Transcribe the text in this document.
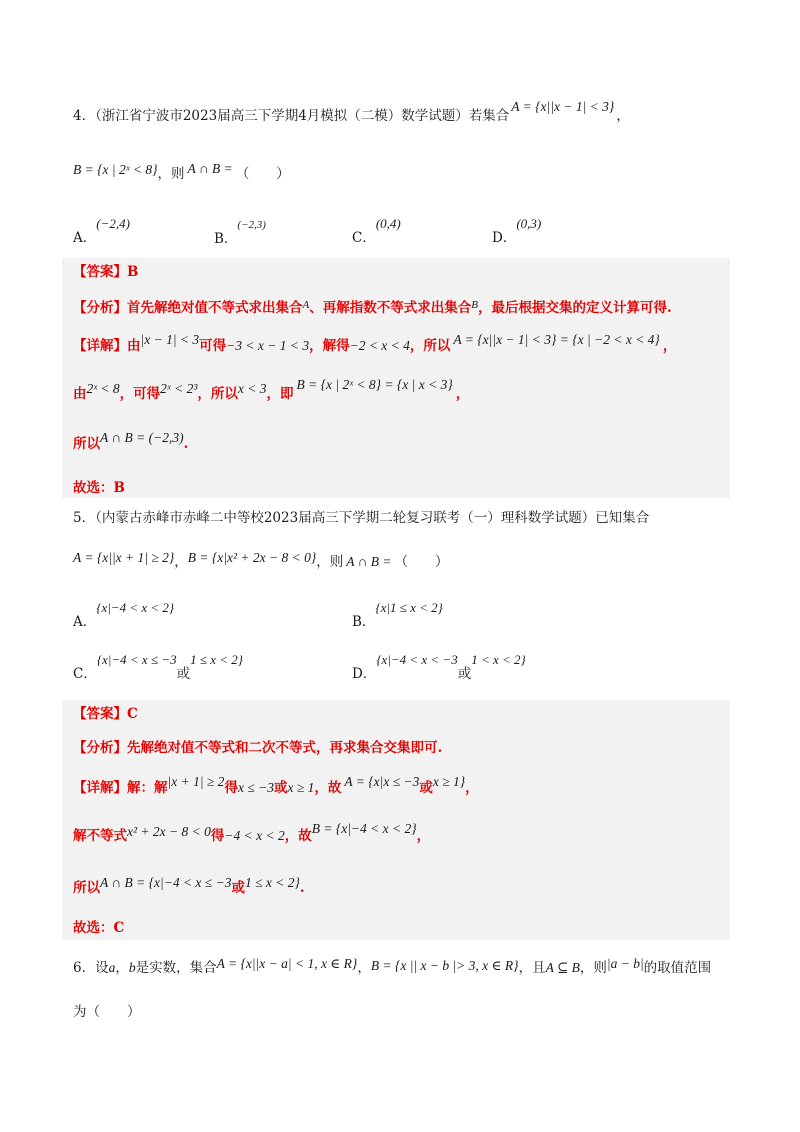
4．（浙江省宁波市2023届高三下学期4月模拟（二模）数学试题）若集合A = {x||x − 1| < 3}，
B = {x | 2ˣ < 8}，则 A ∩ B = （　　）
A．(−2,4)
B．(−2,3)
C．(0,4)
D．(0,3)
【答案】B
【分析】首先解绝对值不等式求出集合$^A$、再解指数不等式求出集合$^B$，最后根据交集的定义计算可得.
【详解】由|x − 1| < 3可得−3 < x − 1 < 3，解得−2 < x < 4，所以 A = {x||x − 1| < 3} = {x | −2 < x < 4} ，
由2ˣ < 8，可得2ˣ < 2³，所以x < 3，即B = {x | 2ˣ < 8} = {x | x < 3}，
所以A ∩ B = (−2,3).
故选：B
5．（内蒙古赤峰市赤峰二中等校2023届高三下学期二轮复习联考（一）理科数学试题）已知集合
A = {x||x + 1| ≥ 2}，B = {x|x² + 2x − 8 < 0}，则 A ∩ B = （　　）
A．{x|−4 < x < 2}
B．{x|1 ≤ x < 2}
C．{x|−4 < x ≤ −3或1 ≤ x < 2}
D．{x|−4 < x < −3或1 < x < 2}
【答案】C
【分析】先解绝对值不等式和二次不等式，再求集合交集即可.
【详解】解：解|x + 1| ≥ 2得x ≤ −3或x ≥ 1，故 A = {x|x ≤ −3或x ≥ 1}，
解不等式x² + 2x − 8 < 0得−4 < x < 2，故B = {x|−4 < x < 2}，
所以A ∩ B = {x|−4 < x ≤ −3或1 ≤ x < 2}.
故选：C
6．设a，b是实数，集合A = {x||x − a| < 1, x ∈ R}，B = {x || x − b |> 3, x ∈ R}，且A ⊆ B，则|a − b|的取值范围
为（　　）
